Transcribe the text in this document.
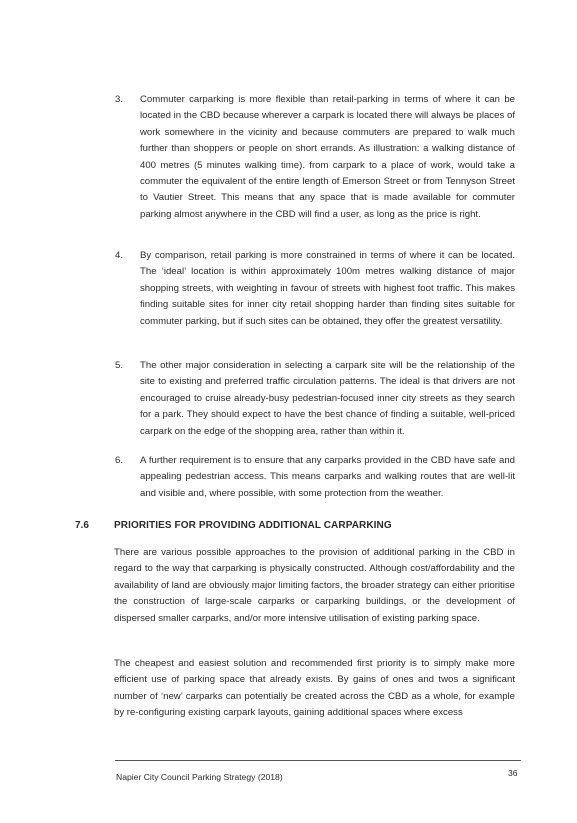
3. Commuter carparking is more flexible than retail-parking in terms of where it can be located in the CBD because wherever a carpark is located there will always be places of work somewhere in the vicinity and because commuters are prepared to walk much further than shoppers or people on short errands. As illustration: a walking distance of 400 metres (5 minutes walking time). from carpark to a place of work, would take a commuter the equivalent of the entire length of Emerson Street or from Tennyson Street to Vautier Street. This means that any space that is made available for commuter parking almost anywhere in the CBD will find a user, as long as the price is right.
4. By comparison, retail parking is more constrained in terms of where it can be located. The ‘ideal’ location is within approximately 100m metres walking distance of major shopping streets, with weighting in favour of streets with highest foot traffic. This makes finding suitable sites for inner city retail shopping harder than finding sites suitable for commuter parking, but if such sites can be obtained, they offer the greatest versatility.
5. The other major consideration in selecting a carpark site will be the relationship of the site to existing and preferred traffic circulation patterns. The ideal is that drivers are not encouraged to cruise already-busy pedestrian-focused inner city streets as they search for a park. They should expect to have the best chance of finding a suitable, well-priced carpark on the edge of the shopping area, rather than within it.
6. A further requirement is to ensure that any carparks provided in the CBD have safe and appealing pedestrian access. This means carparks and walking routes that are well-lit and visible and, where possible, with some protection from the weather.
7.6	PRIORITIES FOR PROVIDING ADDITIONAL CARPARKING
There are various possible approaches to the provision of additional parking in the CBD in regard to the way that carparking is physically constructed. Although cost/affordability and the availability of land are obviously major limiting factors, the broader strategy can either prioritise the construction of large-scale carparks or carparking buildings, or the development of dispersed smaller carparks, and/or more intensive utilisation of existing parking space.
The cheapest and easiest solution and recommended first priority is to simply make more efficient use of parking space that already exists. By gains of ones and twos a significant number of ‘new’ carparks can potentially be created across the CBD as a whole, for example by re-configuring existing carpark layouts, gaining additional spaces where excess
Napier City Council Parking Strategy (2018)	36
